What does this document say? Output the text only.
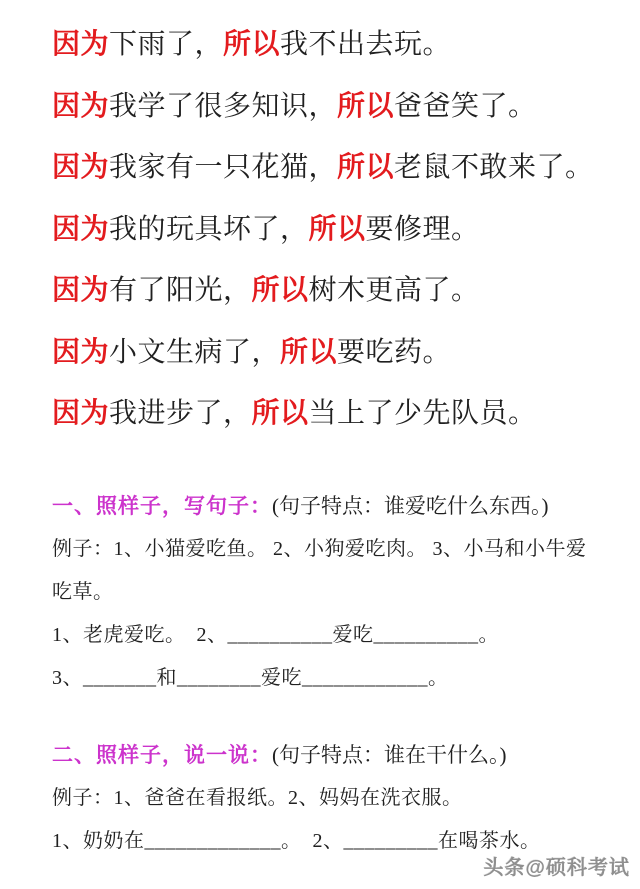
因为下雨了，所以我不出去玩。
因为我学了很多知识，所以爸爸笑了。
因为我家有一只花猫，所以老鼠不敢来了。
因为我的玩具坏了，所以要修理。
因为有了阳光，所以树木更高了。
因为小文生病了，所以要吃药。
因为我进步了，所以当上了少先队员。
一、照样子，写句子：(句子特点：谁爱吃什么东西。)
例子：1、小猫爱吃鱼。 2、小狗爱吃肉。 3、小马和小牛爱吃草。
1、老虎爱吃。  2、__________爱吃__________。
3、_______和________爱吃____________。
二、照样子，说一说：(句子特点：谁在干什么。)
例子：1、爸爸在看报纸。2、妈妈在洗衣服。
1、奶奶在_____________。  2、_________在喝茶水。
头条@硕科考试
